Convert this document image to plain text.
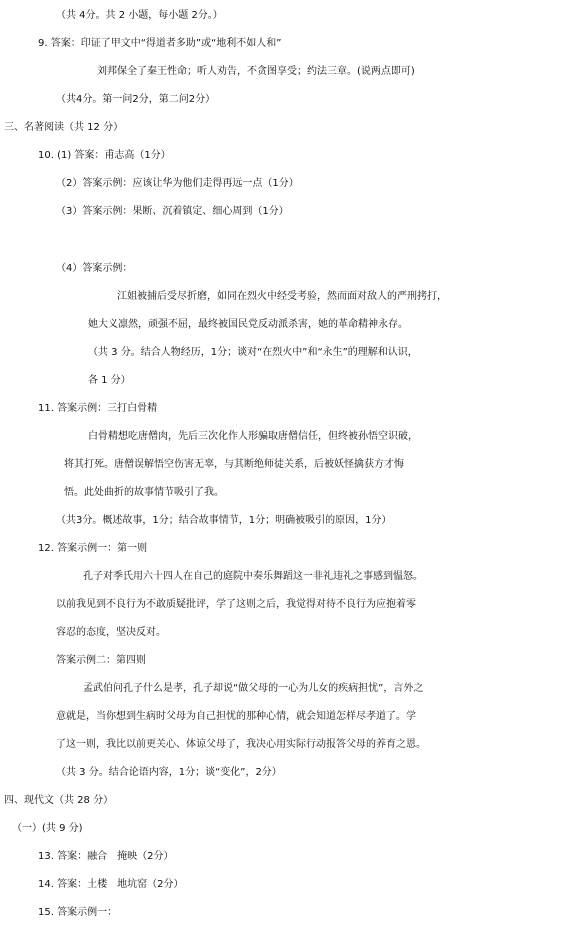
（共 4分。共 2 小题，每小题 2分。）
9. 答案：印证了甲文中“得道者多助”或“地利不如人和”
刘邦保全了秦王性命；听人劝告，不贪图享受；约法三章。(说两点即可)
（共4分。第一问2分，第二问2分）
三、名著阅读（共 12 分）
10. (1) 答案：甫志高（1分）
（2）答案示例：应该让华为他们走得再远一点（1分）
（3）答案示例：果断、沉着镇定、细心周到（1分）
（4）答案示例：
江姐被捕后受尽折磨，如同在烈火中经受考验，然而面对敌人的严刑拷打，
她大义凛然，顽强不屈，最终被国民党反动派杀害，她的革命精神永存。
（共 3 分。结合人物经历，1分；谈对“在烈火中”和“永生”的理解和认识，
各 1 分）
11. 答案示例：三打白骨精
白骨精想吃唐僧肉，先后三次化作人形骗取唐僧信任，但终被孙悟空识破，
将其打死。唐僧误解悟空伤害无辜，与其断绝师徒关系，后被妖怪擒获方才悔
悟。此处曲折的故事情节吸引了我。
（共3分。概述故事，1分；结合故事情节，1分；明确被吸引的原因，1分）
12. 答案示例一：第一则
孔子对季氏用六十四人在自己的庭院中奏乐舞蹈这一非礼违礼之事感到愠怒。
以前我见到不良行为不敢质疑批评，学了这则之后，我觉得对待不良行为应抱着零
容忍的态度，坚决反对。
答案示例二：第四则
孟武伯问孔子什么是孝，孔子却说“做父母的一心为儿女的疾病担忧”，言外之
意就是，当你想到生病时父母为自己担忧的那种心情，就会知道怎样尽孝道了。学
了这一则，我比以前更关心、体谅父母了，我决心用实际行动报答父母的养育之恩。
（共 3 分。结合论语内容，1分；谈“变化”，2分）
四、现代文（共 28 分）
（一）(共 9 分)
13. 答案：融合　掩映（2分）
14. 答案：土楼　地坑窑（2分）
15. 答案示例一：
